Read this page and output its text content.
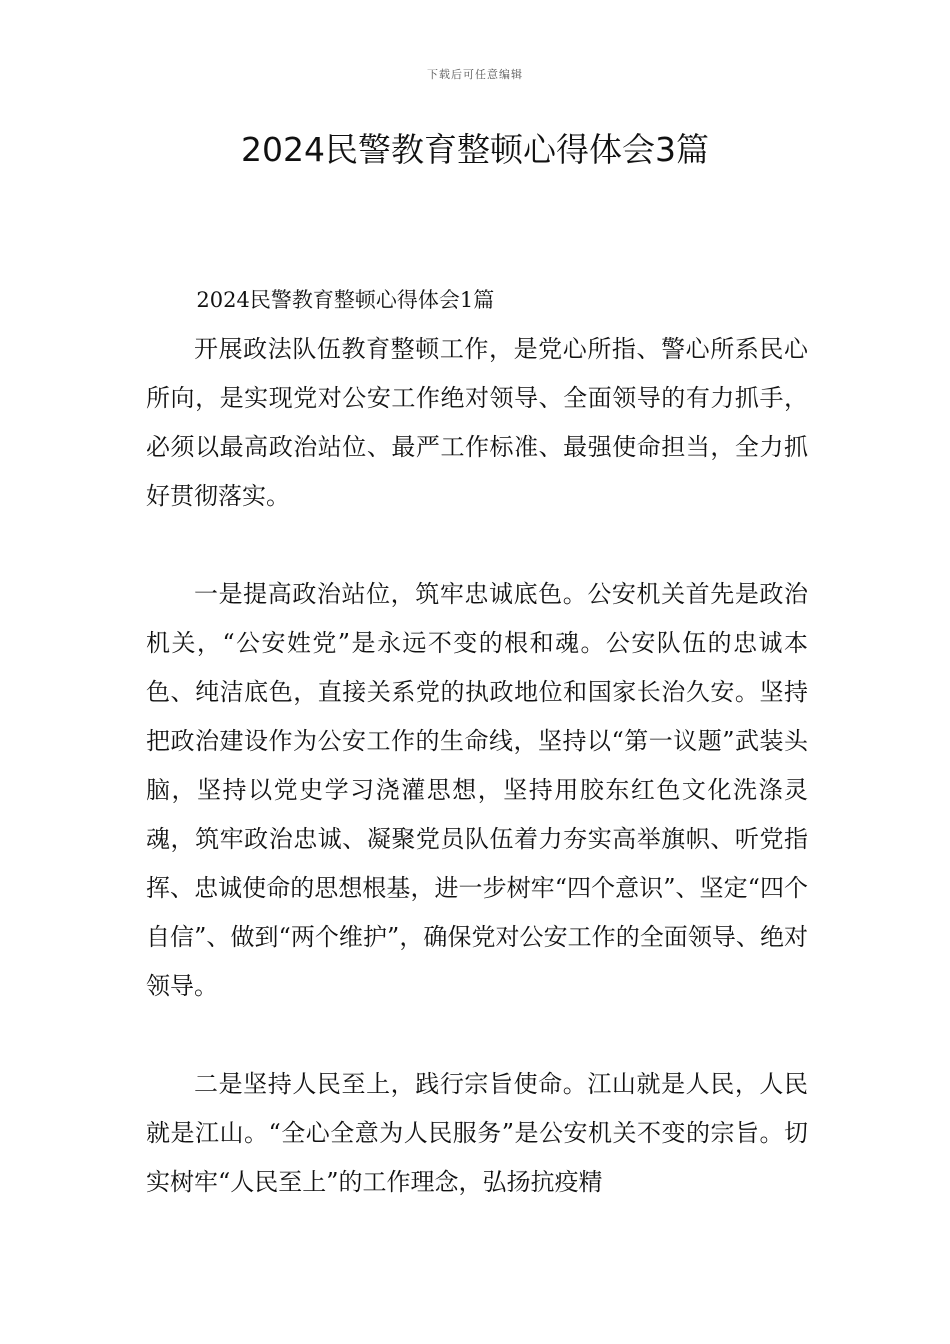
下载后可任意编辑
2024民警教育整顿心得体会3篇

2024民警教育整顿心得体会1篇

开展政法队伍教育整顿工作，是党心所指、警心所系民心所向，是实现党对公安工作绝对领导、全面领导的有力抓手，必须以最高政治站位、最严工作标准、最强使命担当，全力抓好贯彻落实。

一是提高政治站位，筑牢忠诚底色。公安机关首先是政治机关，“公安姓党”是永远不变的根和魂。公安队伍的忠诚本色、纯洁底色，直接关系党的执政地位和国家长治久安。坚持把政治建设作为公安工作的生命线，坚持以“第一议题”武装头脑，坚持以党史学习浇灌思想，坚持用胶东红色文化洗涤灵魂，筑牢政治忠诚、凝聚党员队伍着力夯实高举旗帜、听党指挥、忠诚使命的思想根基，进一步树牢“四个意识”、坚定“四个自信”、做到“两个维护”，确保党对公安工作的全面领导、绝对领导。

二是坚持人民至上，践行宗旨使命。江山就是人民，人民就是江山。“全心全意为人民服务”是公安机关不变的宗旨。切实树牢“人民至上”的工作理念，弘扬抗疫精
